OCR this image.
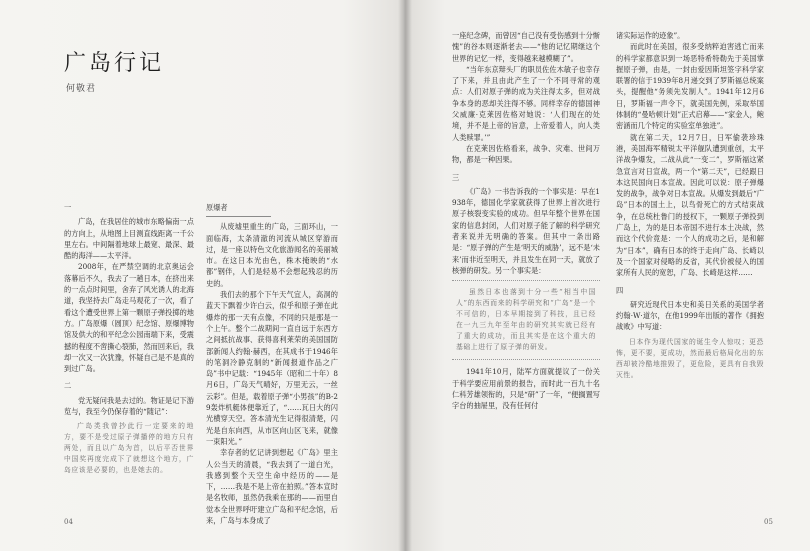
广岛行记
何敬君
一

广岛，在我居住的城市东略偏南一点的方向上，从地图上目测直线距离一千公里左右。中间隔着地球上最宽、最深、最酷的海洋——太平洋。

2008年，在严禁空调的北京奥运会落幕后不久，我去了一趟日本，在挤出来的一点点时间里，舍弃了风光诱人的北海道，我坚持去广岛走马观花了一次，看了看这个遭受世界上第一颗原子弹投掷的地方。广岛原爆（圆顶）纪念馆、原爆博物馆及供大的和平纪念公园南端下来，受震撼的程度不啻撕心裂肺，然而回来后，我却一次又一次犹豫，怀疑自己是不是真的到过广岛。

二

党无疑问我是去过的。物证是记下游览与，我至今仍保存着的“随记”：

广岛类我曾抄此行一定要来的地方，要不是受过原子弹播停的地方只有两处，而且以广岛为首，以后平否世界中国奖再度完成下了就想这个地方，广岛应该是必要的，也是她去的。

原爆者

从废墟里重生的广岛，三面环山，一面临海，太条清澈的河流从城区穿游而过，是一座以特色文化旅游闻名的美丽城市。在这日本光由色，株木掩映的“水都”钢伴，人们是轻易不会想起残忍的历史的。

我们去的那个下午天气宜人，高洞的蓝天下飘着少许白云，似乎和原子弹在此爆炸的那一天有点像，不同的只是那是一个上午。整个二战期间一直自远于东西方之间抵抗战事、获得喜利莱荣的美国国防部新闻人约翰·赫西，在其成书于1946年的笔洞冷静克制的“新闻报道作品之广岛”书中记载：“1945年（昭和二十年）8月6日，广岛天气晴好，万里无云，一丝云彩”。但是，载着原子弹“小男孩”的B-29轰炸机艇体便靠近了，“……瓦日大的闪光横穿天空。答本清光生记得很清楚，闪光是自东向西，从市区向山区飞来，就像一束阳光。”

幸存者的忆记讲到想起《广岛》里主人公当天的清晨，“我去到了一道白光，我感到整个天空生命中经历的——是下，……我是不是上帝在拍照。”答本宣时是名牧师，虽然仍我乘在那的——而里自觉本全世界呼吁建立广岛和平纪念馆，后来，广岛与本身成了

04

一座纪念碑，而曾因“自己没有受伤感到十分惭愧”的谷本则逐渐老去——“他的记忆期继这个世界的记忆一样，变得越来越模糊了”。

“当年东京辩头厂的职员佐佐木敏子也幸存了下来，并且由此产生了一个不同寻常的观点：人们对原子弹的成为关注得太多，但对战争本身的恶却关注得不够。同样幸存的德国神父威廉·克莱因佐格对她说：‘人们现在的处境，并不是上帝的旨意，上帝爱着人，向人类人类赎罪。’”

在克莱因佐格看来，战争、灾难、世间万物，都是一种因果。

三

《广岛》一书告诉我的一个事实是：早在1938年，德国化学家就获得了世界上首次进行原子核裂变实验的成功。但早年整个世界在国家的信息封闭，人们对原子能了解的科学研究者来说并无明确的答案。但其中一条出路是：“原子弹的产生是‘明天的威胁’，远不是‘未来’而非近至明天，并且发生在同一天，就放了核弹的研发。另一个事实是：

虽然日本也落到十分一些“相当中国人”的东西而来的科学研究和“广岛”是一个不可信的，日本早期接到了科技，且已经在一九三九年至年由的研究其实就已经有了重大的成功，而且其实是在这个重大的基础上进行了原子弹的研发。

1941年10月，陆军方面就提议了一份关于科学要应用前景的报告，而时此一百九十名仁科芳雄领衔的，只是“研”了一年，“便搁置写字台的抽屉里，没有任何付

诸实际运作的迹象”。

而此时在美国，很多受纳粹迫害逃亡而来的科学家都意识到一场恶特希特勒先于美国掌握原子弹，由是，一封由爱因斯坦签字科学家联署的信于1939年8月递交到了罗斯福总统案头，提醒他“务须先发制人”。1941年12月6日，罗斯福一声令下，就美国先例，采取举国体制的“曼哈顿计划”正式启幕——“家金人，鲍密涵而几个特定的实验室单独进”。

就在第二天，12月7日，日军偷袭珍珠港，美国海军精锐太平洋舰队遭到重创，太平洋战争爆发，二战从此“一变二”，罗斯福这紧急宣言对日宣战，两一个“第二天”，已经跟日本这民国向日本宣战。因此可以说：原子弹爆发的战争，战争对日本宣战。从爆发到最后“广岛”日本的国土上，以鸟骨死亡的方式结束战争，在总统杜鲁门的授权下，一颗原子弹投到广岛上，为的是日本帝国不进行本土决战，然而这个代价竟是：一个人的成功之后，是和解为“日本”，确有日本的终于走向广岛、长崎以及一个国家对侵略的反省，其代价被侵入的国家所有人民的宽恕，广岛、长崎是这样……

四

研究近现代日本史和美日关系的美国学者约翰·W·道尔，在他1999年出版的著作《拥抱战败》中写道：

日本作为现代国家的诞生令人惊叹；更恐怖，更不要，更成功，然而最后格局化出的东西却被冷酷地推毁了，更危险，更具有自我毁灭性。

05
